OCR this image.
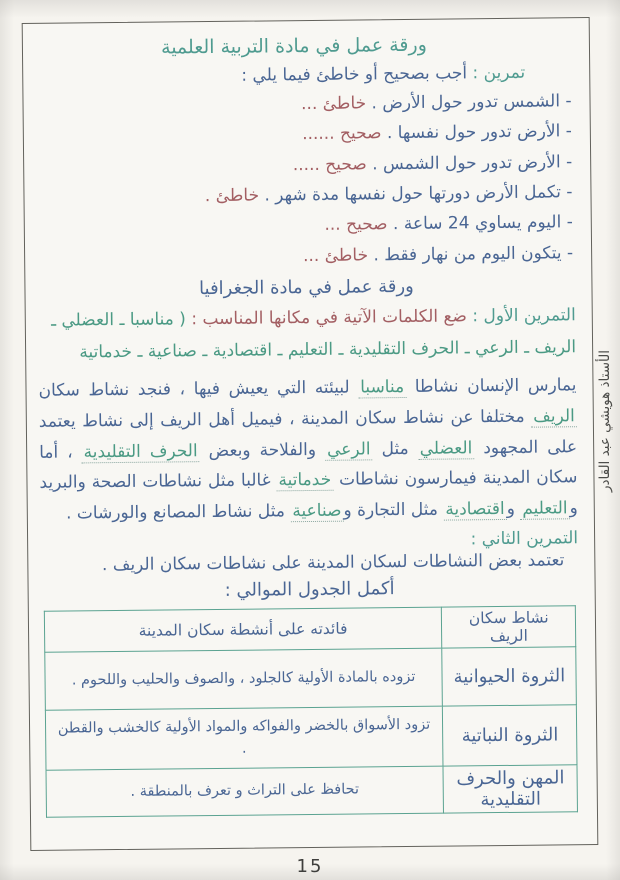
ورقة عمل في مادة التربية العلمية
تمرين : أجب بصحيح أو خاطئ فيما يلي :
- الشمس تدور حول الأرض . خاطئ ...
- الأرض تدور حول نفسها . صحيح ......
- الأرض تدور حول الشمس . صحيح .....
- تكمل الأرض دورتها حول نفسها مدة شهر . خاطئ .
- اليوم يساوي 24 ساعة . صحيح ...
- يتكون اليوم من نهار فقط . خاطئ ...
ورقة عمل في مادة الجغرافيا
التمرين الأول : ضع الكلمات الآتية في مكانها المناسب : ( مناسبا ـ العضلي ـ الريف ـ الرعي ـ الحرف التقليدية ـ التعليم ـ اقتصادية ـ صناعية ـ خدماتية

يمارس الإنسان نشاطا مناسبا لبيئته التي يعيش فيها ، فنجد نشاط سكان الريف مختلفا عن نشاط سكان المدينة ، فيميل أهل الريف إلى نشاط يعتمد على المجهود العضلي مثل الرعي والفلاحة وبعض الحرف التقليدية ، أما سكان المدينة فيمارسون نشاطات خدماتية غالبا مثل نشاطات الصحة والبريد والتعليم واقتصادية مثل التجارة وصناعية مثل نشاط المصانع والورشات .

التمرين الثاني :
تعتمد بعض النشاطات لسكان المدينة على نشاطات سكان الريف .
أكمل الجدول الموالي :
نشاط سكان الريف	فائدته على أنشطة سكان المدينة
الثروة الحيوانية	تزوده بالمادة الأولية كالجلود ، والصوف والحليب واللحوم .
الثروة النباتية	تزود الأسواق بالخضر والفواكه والمواد الأولية كالخشب والقطن .
المهن والحرف التقليدية	تحافظ على التراث و تعرف بالمنطقة .
الأستاذ هويشي عبد القادر
15
